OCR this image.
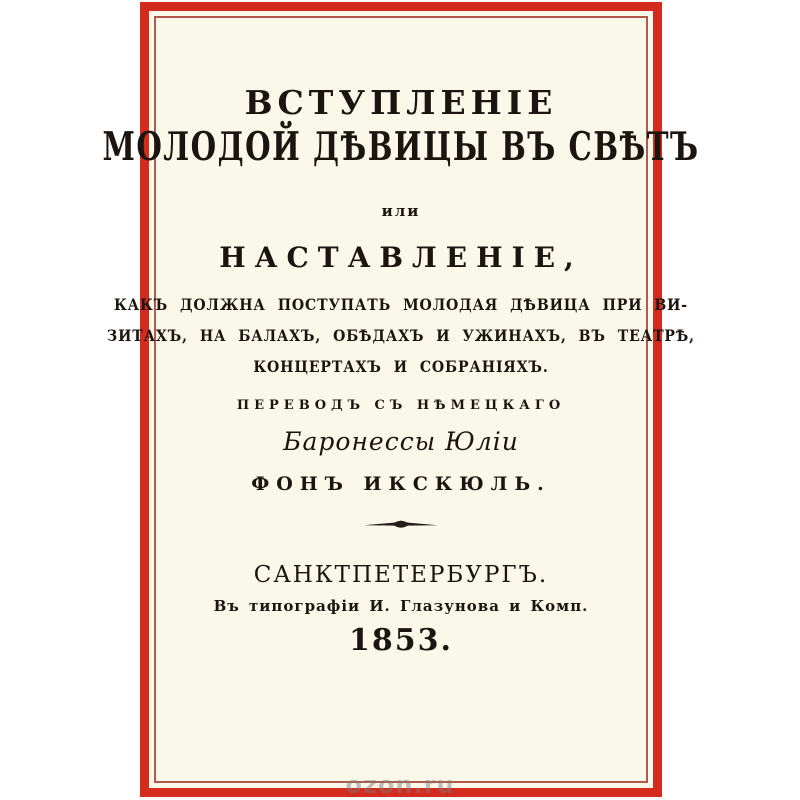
ВСТУПЛЕНІЕ
МОЛОДОЙ ДѢВИЦЫ ВЪ СВѢТЪ
или
НАСТАВЛЕНІЕ,
КАКЪ ДОЛЖНА ПОСТУПАТЬ МОЛОДАЯ ДѢВИЦА ПРИ ВИ-
ЗИТАХЪ, НА БАЛАХЪ, ОБѢДАХЪ И УЖИНАХЪ, ВЪ ТЕАТРѢ,
КОНЦЕРТАХЪ И СОБРАНІЯХЪ.
ПЕРЕВОДЪ СЪ НѢМЕЦКАГО
Баронессы Юліи
ФОНЪ ИКСКЮЛЬ.
САНКТПЕТЕРБУРГЪ.
Въ типографіи И. Глазунова и Комп.
1853.
ozon.ru
